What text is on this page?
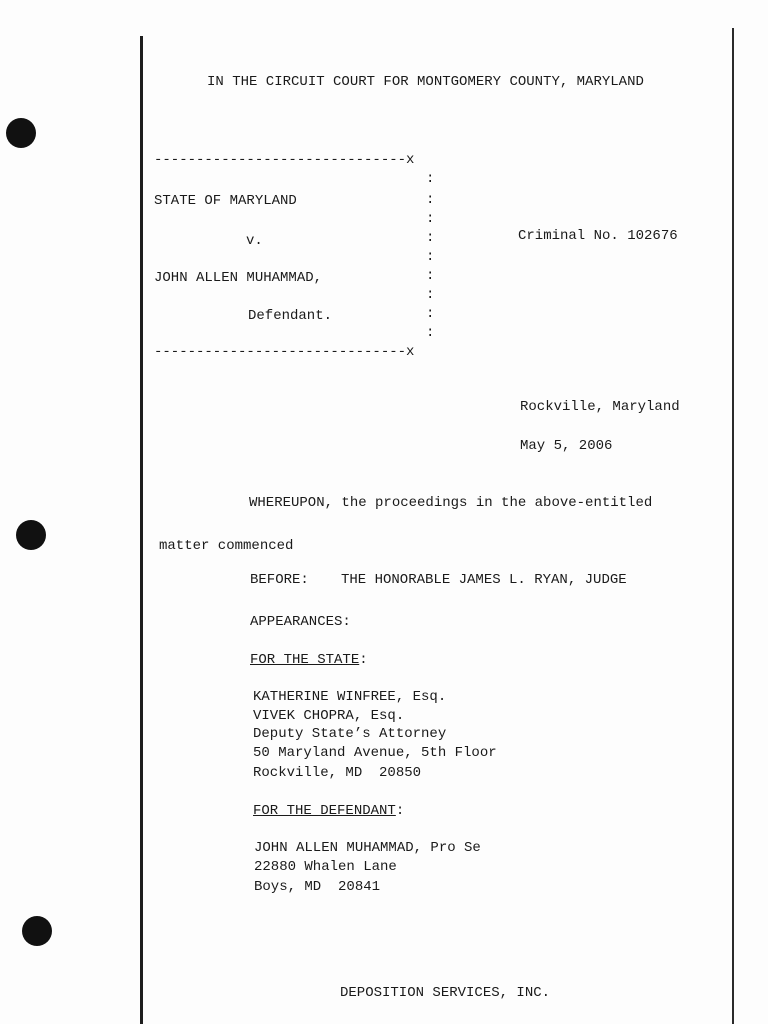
IN THE CIRCUIT COURT FOR MONTGOMERY COUNTY, MARYLAND
------------------------------x
:
:
:
:
:
:
:
:
:
------------------------------x
STATE OF MARYLAND
v.	Criminal No. 102676
JOHN ALLEN MUHAMMAD,
Defendant.
Rockville, Maryland
May 5, 2006
WHEREUPON, the proceedings in the above-entitled
matter commenced
BEFORE: THE HONORABLE JAMES L. RYAN, JUDGE
APPEARANCES:
FOR THE STATE:
KATHERINE WINFREE, Esq.
VIVEK CHOPRA, Esq.
Deputy State’s Attorney
50 Maryland Avenue, 5th Floor
Rockville, MD  20850
FOR THE DEFENDANT:
JOHN ALLEN MUHAMMAD, Pro Se
22880 Whalen Lane
Boys, MD  20841
DEPOSITION SERVICES, INC.
